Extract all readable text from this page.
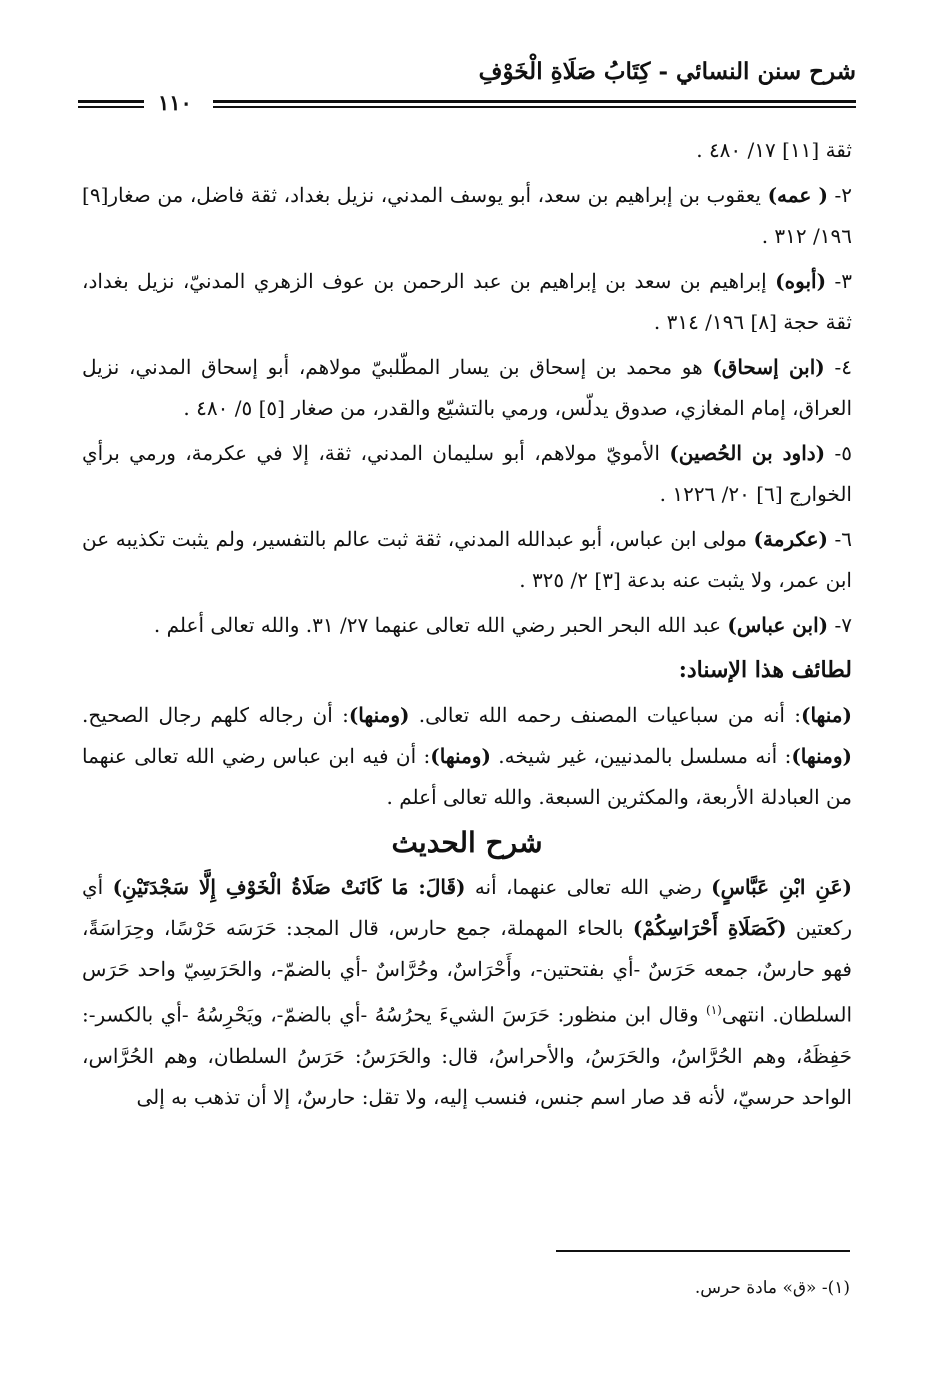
شرح سنن النسائي - كِتَابُ صَلَاةِ الْخَوْفِ
١١٠

ثقة [١١] ١٧/ ٤٨٠ .

٢- ( عمه) يعقوب بن إبراهيم بن سعد، أبو يوسف المدني، نزيل بغداد، ثقة فاضل، من صغار[٩] ١٩٦/ ٣١٢ .

٣- (أبوه) إبراهيم بن سعد بن إبراهيم بن عبد الرحمن بن عوف الزهري المدنيّ، نزيل بغداد، ثقة حجة [٨] ١٩٦/ ٣١٤ .

٤- (ابن إسحاق) هو محمد بن إسحاق بن يسار المطّلبيّ مولاهم، أبو إسحاق المدني، نزيل العراق، إمام المغازي، صدوق يدلّس، ورمي بالتشيّع والقدر، من صغار [٥] ٥/ ٤٨٠ .

٥- (داود بن الحُصين) الأمويّ مولاهم، أبو سليمان المدني، ثقة، إلا في عكرمة، ورمي برأي الخوارج [٦] ٢٠/ ١٢٢٦ .

٦- (عكرمة) مولى ابن عباس، أبو عبدالله المدني، ثقة ثبت عالم بالتفسير، ولم يثبت تكذيبه عن ابن عمر، ولا يثبت عنه بدعة [٣] ٢/ ٣٢٥ .

٧- (ابن عباس) عبد الله البحر الحبر رضي الله تعالى عنهما ٢٧/ ٣١. والله تعالى أعلم .

لطائف هذا الإسناد:

(منها): أنه من سباعيات المصنف رحمه الله تعالى. (ومنها): أن رجاله كلهم رجال الصحيح. (ومنها): أنه مسلسل بالمدنيين، غير شيخه. (ومنها): أن فيه ابن عباس رضي الله تعالى عنهما من العبادلة الأربعة، والمكثرين السبعة. والله تعالى أعلم .

شرح الحديث

(عَنِ ابْنِ عَبَّاسٍ) رضي الله تعالى عنهما، أنه (قَالَ: مَا كَانَتْ صَلَاةُ الْخَوْفِ إِلَّا سَجْدَتَيْنِ) أي ركعتين (كَصَلَاةِ أَحْرَاسِكُمْ) بالحاء المهملة، جمع حارس، قال المجد: حَرَسَه حَرْسًا، وحِرَاسَةً، فهو حارسٌ، جمعه حَرَسٌ -أي بفتحتين-، وأَحْرَاسٌ، وحُرَّاسٌ -أي بالضمّ-، والحَرَسِيّ واحد حَرَس السلطان. انتهى$^{(١)}$ وقال ابن منظور: حَرَسَ الشيءَ يحرُسُهُ -أي بالضمّ-، ويَحْرِسُهُ -أي بالكسر-: حَفِظَهُ، وهم الحُرَّاسُ، والحَرَسُ، والأحراسُ، قال: والحَرَسُ: حَرَسُ السلطان، وهم الحُرَّاس، الواحد حرسيّ، لأنه قد صار اسم جنس، فنسب إليه، ولا تقل: حارسٌ، إلا أن تذهب به إلى

(١)- «ق» مادة حرس.
